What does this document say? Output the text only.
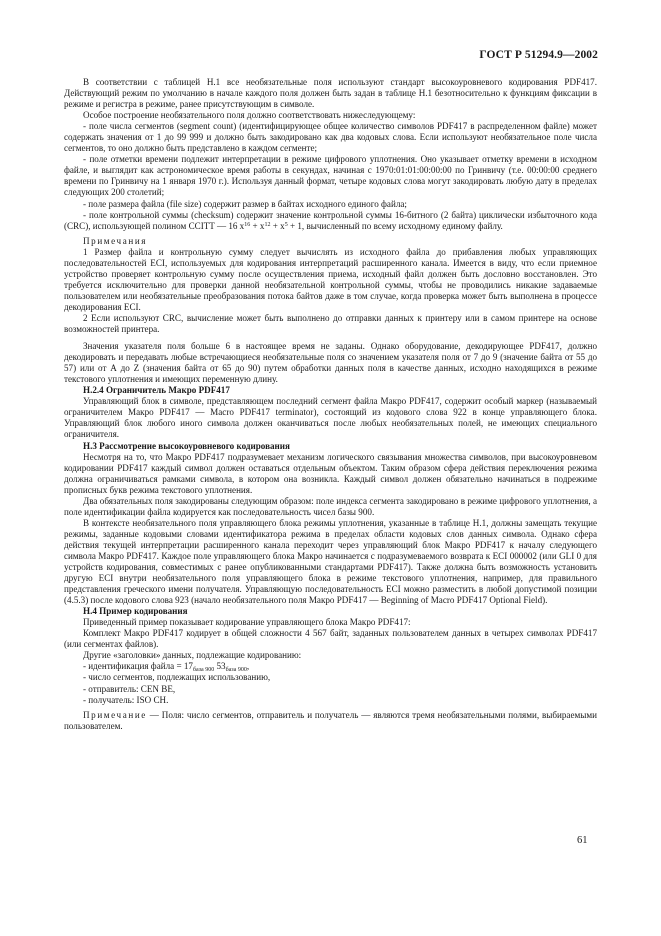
ГОСТ Р 51294.9—2002

В соответствии с таблицей Н.1 все необязательные поля используют стандарт высокоуровневого кодирования PDF417. Действующий режим по умолчанию в начале каждого поля должен быть задан в таблице Н.1 безотносительно к функциям фиксации в режиме и регистра в режиме, ранее присутствующим в символе.

Особое построение необязательного поля должно соответствовать нижеследующему:

- поле числа сегментов (segment count) (идентифицирующее общее количество символов PDF417 в распределенном файле) может содержать значения от 1 до 99 999 и должно быть закодировано как два кодовых слова. Если используют необязательное поле числа сегментов, то оно должно быть представлено в каждом сегменте;

- поле отметки времени подлежит интерпретации в режиме цифрового уплотнения. Оно указывает отметку времени в исходном файле, и выглядит как астрономическое время работы в секундах, начиная с 1970:01:01:00:00:00 по Гринвичу (т.е. 00:00:00 среднего времени по Гринвичу на 1 января 1970 г.). Используя данный формат, четыре кодовых слова могут закодировать любую дату в пределах следующих 200 столетий;

- поле размера файла (file size) содержит размер в байтах исходного единого файла;

- поле контрольной суммы (checksum) содержит значение контрольной суммы 16-битного (2 байта) циклически избыточного кода (CRC), использующей полином CCITT — 16 $x^{16} + x^{12} + x^5 + 1$, вычисленный по всему исходному единому файлу.

Примечания

1 Размер файла и контрольную сумму следует вычислять из исходного файла до прибавления любых управляющих последовательностей ECI, используемых для кодирования интерпретаций расширенного канала. Имеется в виду, что если приемное устройство проверяет контрольную сумму после осуществления приема, исходный файл должен быть дословно восстановлен. Это требуется исключительно для проверки данной необязательной контрольной суммы, чтобы не проводились никакие задаваемые пользователем или необязательные преобразования потока байтов даже в том случае, когда проверка может быть выполнена в процессе декодирования ECI.

2 Если используют CRC, вычисление может быть выполнено до отправки данных к принтеру или в самом принтере на основе возможностей принтера.

Значения указателя поля больше 6 в настоящее время не заданы. Однако оборудование, декодирующее PDF417, должно декодировать и передавать любые встречающиеся необязательные поля со значением указателя поля от 7 до 9 (значение байта от 55 до 57) или от А до Z (значения байта от 65 до 90) путем обработки данных поля в качестве данных, исходно находящихся в режиме текстового уплотнения и имеющих переменную длину.

Н.2.4 Ограничитель Макро PDF417

Управляющий блок в символе, представляющем последний сегмент файла Макро PDF417, содержит особый маркер (называемый ограничителем Макро PDF417 — Macro PDF417 terminator), состоящий из кодового слова 922 в конце управляющего блока. Управляющий блок любого иного символа должен оканчиваться после любых необязательных полей, не имеющих специального ограничителя.

Н.3 Рассмотрение высокоуровневого кодирования

Несмотря на то, что Макро PDF417 подразумевает механизм логического связывания множества символов, при высокоуровневом кодировании PDF417 каждый символ должен оставаться отдельным объектом. Таким образом сфера действия переключения режима должна ограничиваться рамками символа, в котором она возникла. Каждый символ должен обязательно начинаться в подрежиме прописных букв режима текстового уплотнения.

Два обязательных поля закодированы следующим образом: поле индекса сегмента закодировано в режиме цифрового уплотнения, а поле идентификации файла кодируется как последовательность чисел базы 900.

В контексте необязательного поля управляющего блока режимы уплотнения, указанные в таблице Н.1, должны замещать текущие режимы, заданные кодовыми словами идентификатора режима в пределах области кодовых слов данных символа. Однако сфера действия текущей интерпретации расширенного канала переходит через управляющий блок Макро PDF417 к началу следующего символа Макро PDF417. Каждое поле управляющего блока Макро начинается с подразумеваемого возврата к ECI 000002 (или GLI 0 для устройств кодирования, совместимых с ранее опубликованными стандартами PDF417). Также должна быть возможность установить другую ECI внутри необязательного поля управляющего блока в режиме текстового уплотнения, например, для правильного представления греческого имени получателя. Управляющую последовательность ECI можно разместить в любой допустимой позиции (4.5.3) после кодового слова 923 (начало необязательного поля Макро PDF417 — Beginning of Macro PDF417 Optional Field).

Н.4 Пример кодирования

Приведенный пример показывает кодирование управляющего блока Макро PDF417:

Комплект Макро PDF417 кодирует в общей сложности 4 567 байт, заданных пользователем данных в четырех символах PDF417 (или сегментах файлов).

Другие «заголовки» данных, подлежащие кодированию:

- идентификация файла = $17_{база 900}$ $53_{база 900}$,

- число сегментов, подлежащих использованию,

- отправитель: CEN BE,

- получатель: ISO CH.

Примечание — Поля: число сегментов, отправитель и получатель — являются тремя необязательными полями, выбираемыми пользователем.

61
